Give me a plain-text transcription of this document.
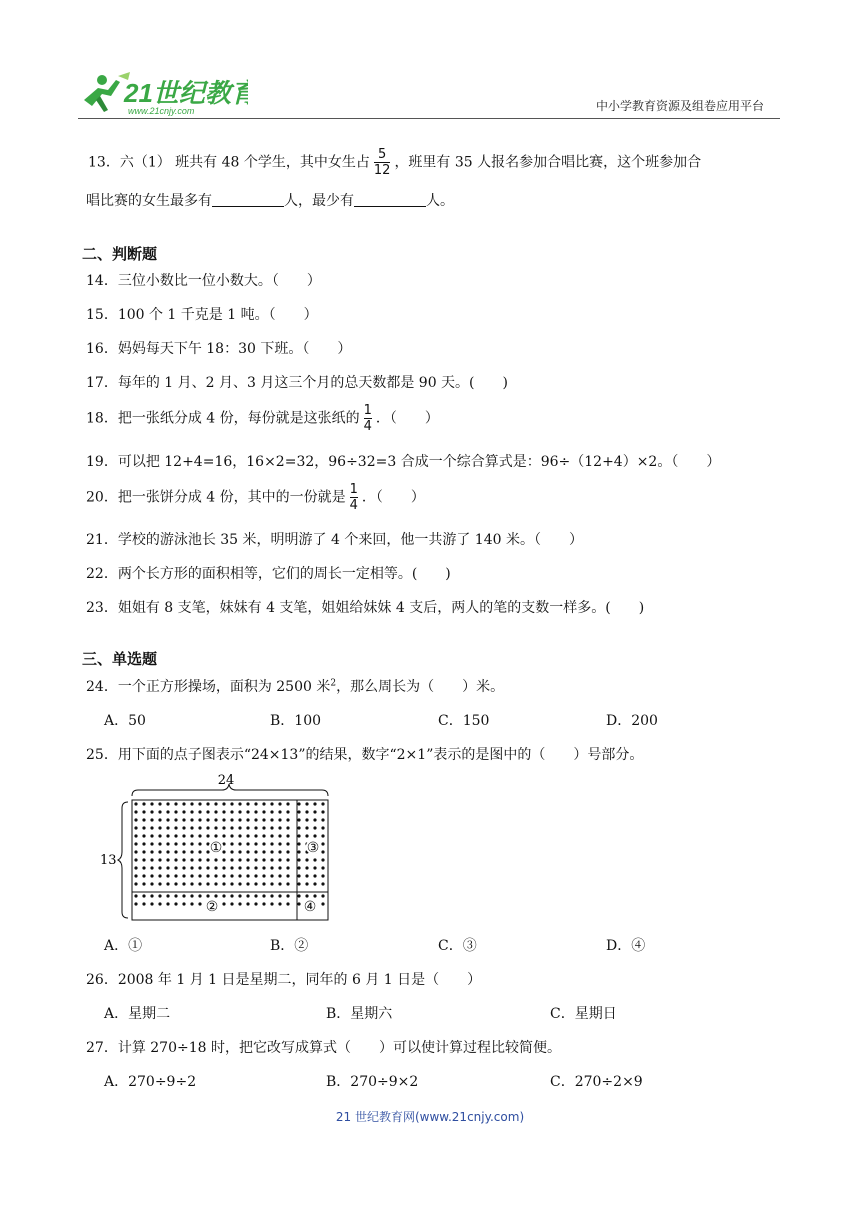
21世纪教育
www.21cnjy.com	中小学教育资源及组卷应用平台
13．六（1） 班共有 48 个学生，其中女生占 $\frac{5}{12}$ ，班里有 35 人报名参加合唱比赛，这个班参加合
唱比赛的女生最多有	人，最少有	人。
二、判断题
14．三位小数比一位小数大。（　　）
15．100 个 1 千克是 1 吨。（　　）
16．妈妈每天下午 18：30 下班。（　　）
17．每年的 1 月、2 月、3 月这三个月的总天数都是 90 天。(　　)
18．把一张纸分成 4 份，每份就是这张纸的 $\frac{1}{4}$ ．（　　）
19．可以把 12+4=16，16×2=32，96÷32=3 合成一个综合算式是：96÷（12+4）×2。（　　）
20．把一张饼分成 4 份，其中的一份就是 $\frac{1}{4}$ ．（　　）
21．学校的游泳池长 35 米，明明游了 4 个来回，他一共游了 140 米。（　　）
22．两个长方形的面积相等，它们的周长一定相等。(　　)
23．姐姐有 8 支笔，妹妹有 4 支笔，姐姐给妹妹 4 支后，两人的笔的支数一样多。(　　)
三、单选题
24．一个正方形操场，面积为 2500 米$^2$，那么周长为（　　）米。
A．50	B．100	C．150	D．200
25．用下面的点子图表示“24×13”的结果，数字“2×1”表示的是图中的（　　）号部分。
24
13
①
②
③
④
A．①	B．②	C．③	D．④
26．2008 年 1 月 1 日是星期二，同年的 6 月 1 日是（　　）
A．星期二	B．星期六	C．星期日
27．计算 270÷18 时，把它改写成算式（　　）可以使计算过程比较简便。
A．270÷9÷2	B．270÷9×2	C．270÷2×9
21 世纪教育网(www.21cnjy.com)
